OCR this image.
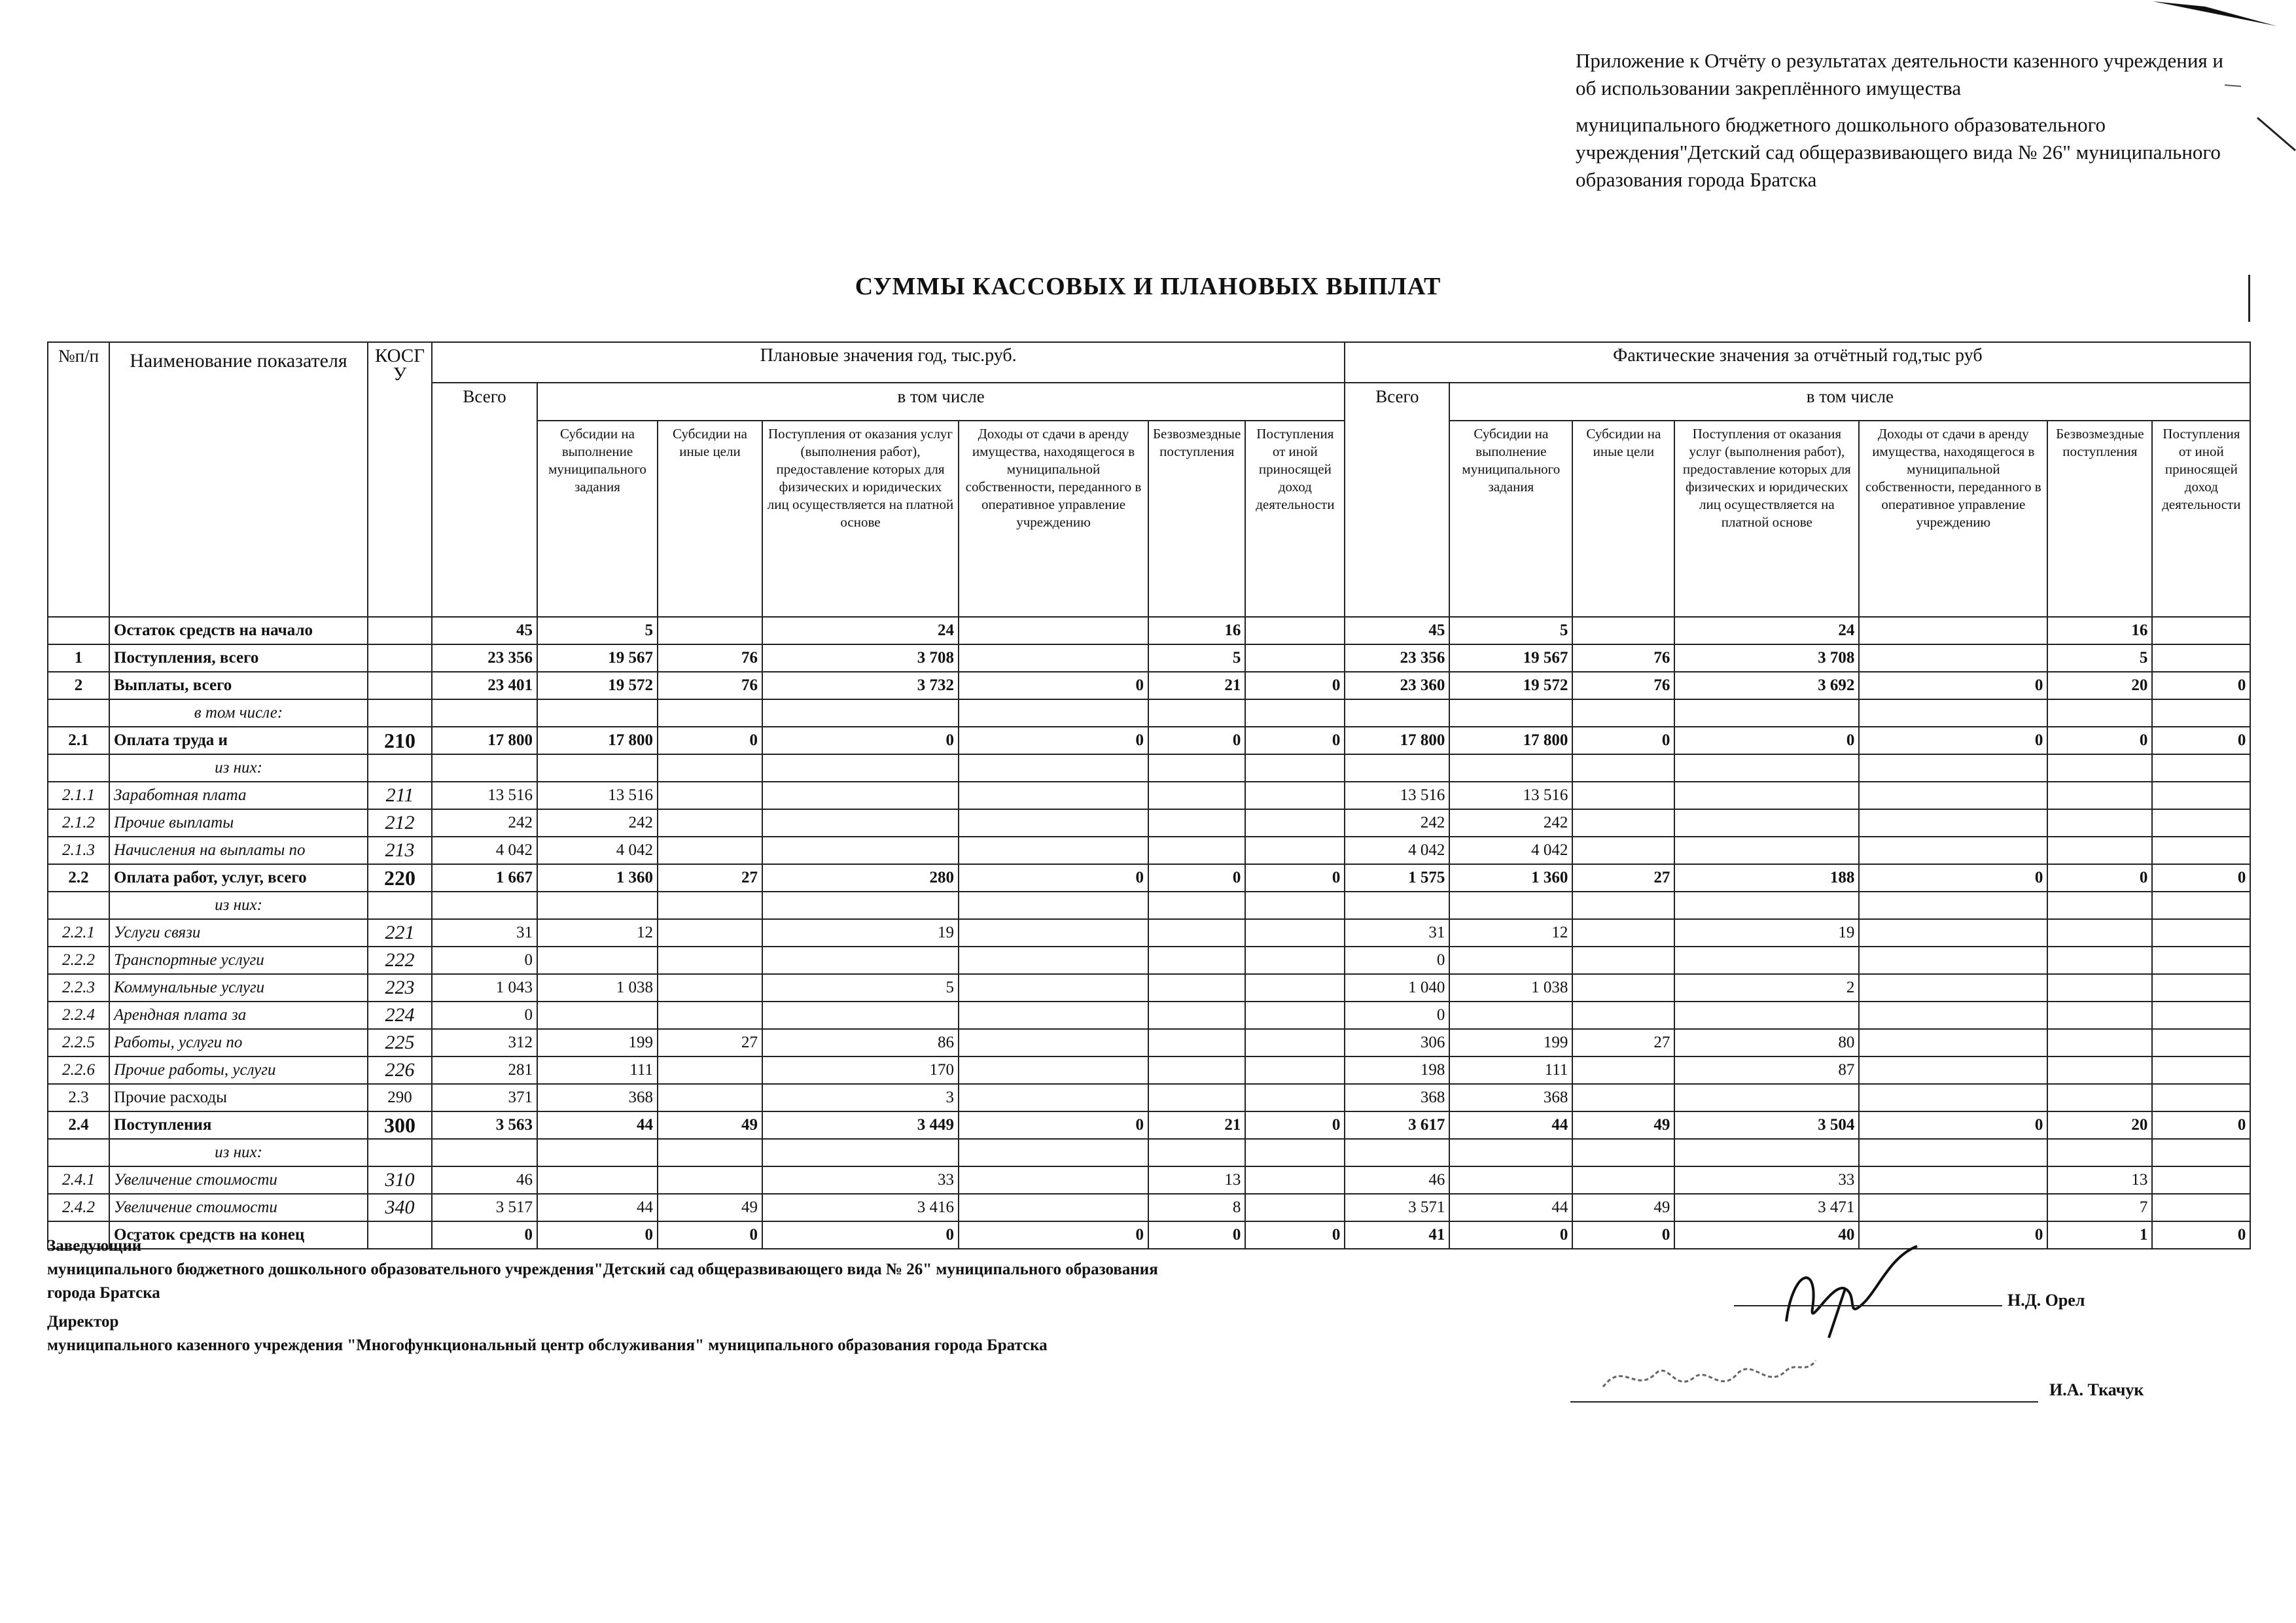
Приложение к Отчёту о результатах деятельности казенного учреждения и об использовании закреплённого имущества

муниципального бюджетного дошкольного образовательного учреждения"Детский сад общеразвивающего вида № 26" муниципального образования города Братска

СУММЫ КАССОВЫХ И ПЛАНОВЫХ ВЫПЛАТ
№п/п	Наименование показателя	КОСГУ	Плановые значения год, тыс.руб.							Фактические значения за отчётный год,тыс руб						
			Всего	в том числе						Всего	в том числе					
				Субсидии на выполнение муниципального задания	Субсидии на иные цели	Поступления от оказания услуг (выполнения работ), предоставление которых для физических и юридических лиц осуществляется на платной основе	Доходы от сдачи в аренду имущества, находящегося в муниципальной собственности, переданного в оперативное управление учреждению	Безвозмездные поступления	Поступления от иной приносящей доход деятельности		Субсидии на выполнение муниципального задания	Субсидии на иные цели	Поступления от оказания услуг (выполнения работ), предоставление которых для физических и юридических лиц осуществляется на платной основе	Доходы от сдачи в аренду имущества, находящегося в муниципальной собственности, переданного в оперативное управление учреждению	Безвозмездные поступления	Поступления от иной приносящей доход деятельности
	Остаток средств на начало		45	5		24		16		45	5		24		16	
1	Поступления, всего		23 356	19 567	76	3 708		5		23 356	19 567	76	3 708		5	
2	Выплаты, всего		23 401	19 572	76	3 732	0	21	0	23 360	19 572	76	3 692	0	20	0
	в том числе:															
2.1	Оплата труда и	210	17 800	17 800	0	0	0	0	0	17 800	17 800	0	0	0	0	0
	из них:															
2.1.1	Заработная плата	211	13 516	13 516						13 516	13 516					
2.1.2	Прочие выплаты	212	242	242						242	242					
2.1.3	Начисления на выплаты по	213	4 042	4 042						4 042	4 042					
2.2	Оплата работ, услуг, всего	220	1 667	1 360	27	280	0	0	0	1 575	1 360	27	188	0	0	0
	из них:															
2.2.1	Услуги связи	221	31	12		19				31	12		19			
2.2.2	Транспортные услуги	222	0							0						
2.2.3	Коммунальные услуги	223	1 043	1 038		5				1 040	1 038		2			
2.2.4	Арендная плата за	224	0							0						
2.2.5	Работы, услуги по	225	312	199	27	86				306	199	27	80			
2.2.6	Прочие работы, услуги	226	281	111		170				198	111		87			
2.3	Прочие расходы	290	371	368		3				368	368					
2.4	Поступления	300	3 563	44	49	3 449	0	21	0	3 617	44	49	3 504	0	20	0
	из них:															
2.4.1	Увеличение стоимости	310	46			33		13		46			33		13	
2.4.2	Увеличение стоимости	340	3 517	44	49	3 416		8		3 571	44	49	3 471		7	
	Остаток средств на конец		0	0	0	0	0	0	0	41	0	0	40	0	1	0

Заведующий
муниципального бюджетного дошкольного образовательного учреждения"Детский сад общеразвивающего вида № 26" муниципального образования города Братска

Директор
муниципального казенного учреждения "Многофункциональный центр обслуживания" муниципального образования города Братска

Н.Д. Орел
И.А. Ткачук
